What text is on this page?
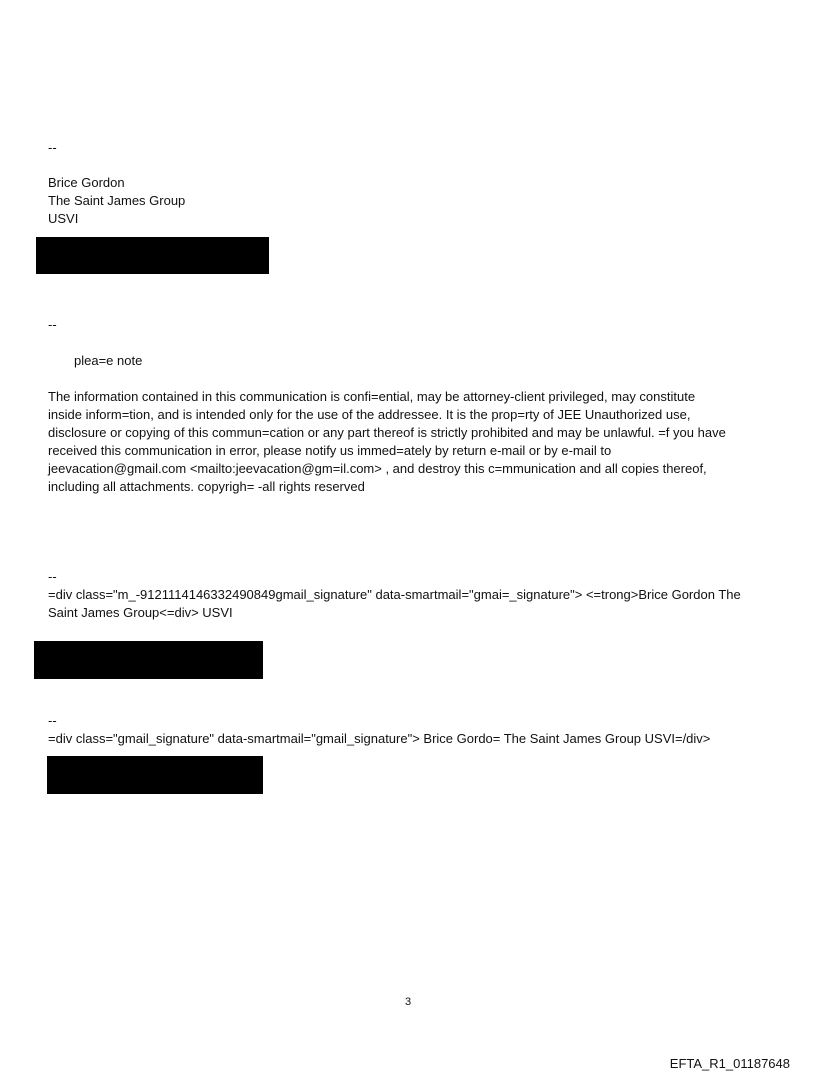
--
Brice Gordon
The Saint James Group
USVI
--
plea=e note
The information contained in this communication is confi=ential, may be attorney-client privileged, may constitute
inside inform=tion, and is intended only for the use of the addressee. It is the prop=rty of JEE Unauthorized use,
disclosure or copying of this commun=cation or any part thereof is strictly prohibited and may be unlawful. =f you have
received this communication in error, please notify us immed=ately by return e-mail or by e-mail to
jeevacation@gmail.com <mailto:jeevacation@gm=il.com> , and destroy this c=mmunication and all copies thereof,
including all attachments. copyrigh= -all rights reserved
--
=div class="m_-9121114146332490849gmail_signature" data-smartmail="gmai=_signature"> <=trong>Brice Gordon The
Saint James Group<=div> USVI
--
=div class="gmail_signature" data-smartmail="gmail_signature"> Brice Gordo= The Saint James Group USVI=/div>
3
EFTA_R1_01187648
